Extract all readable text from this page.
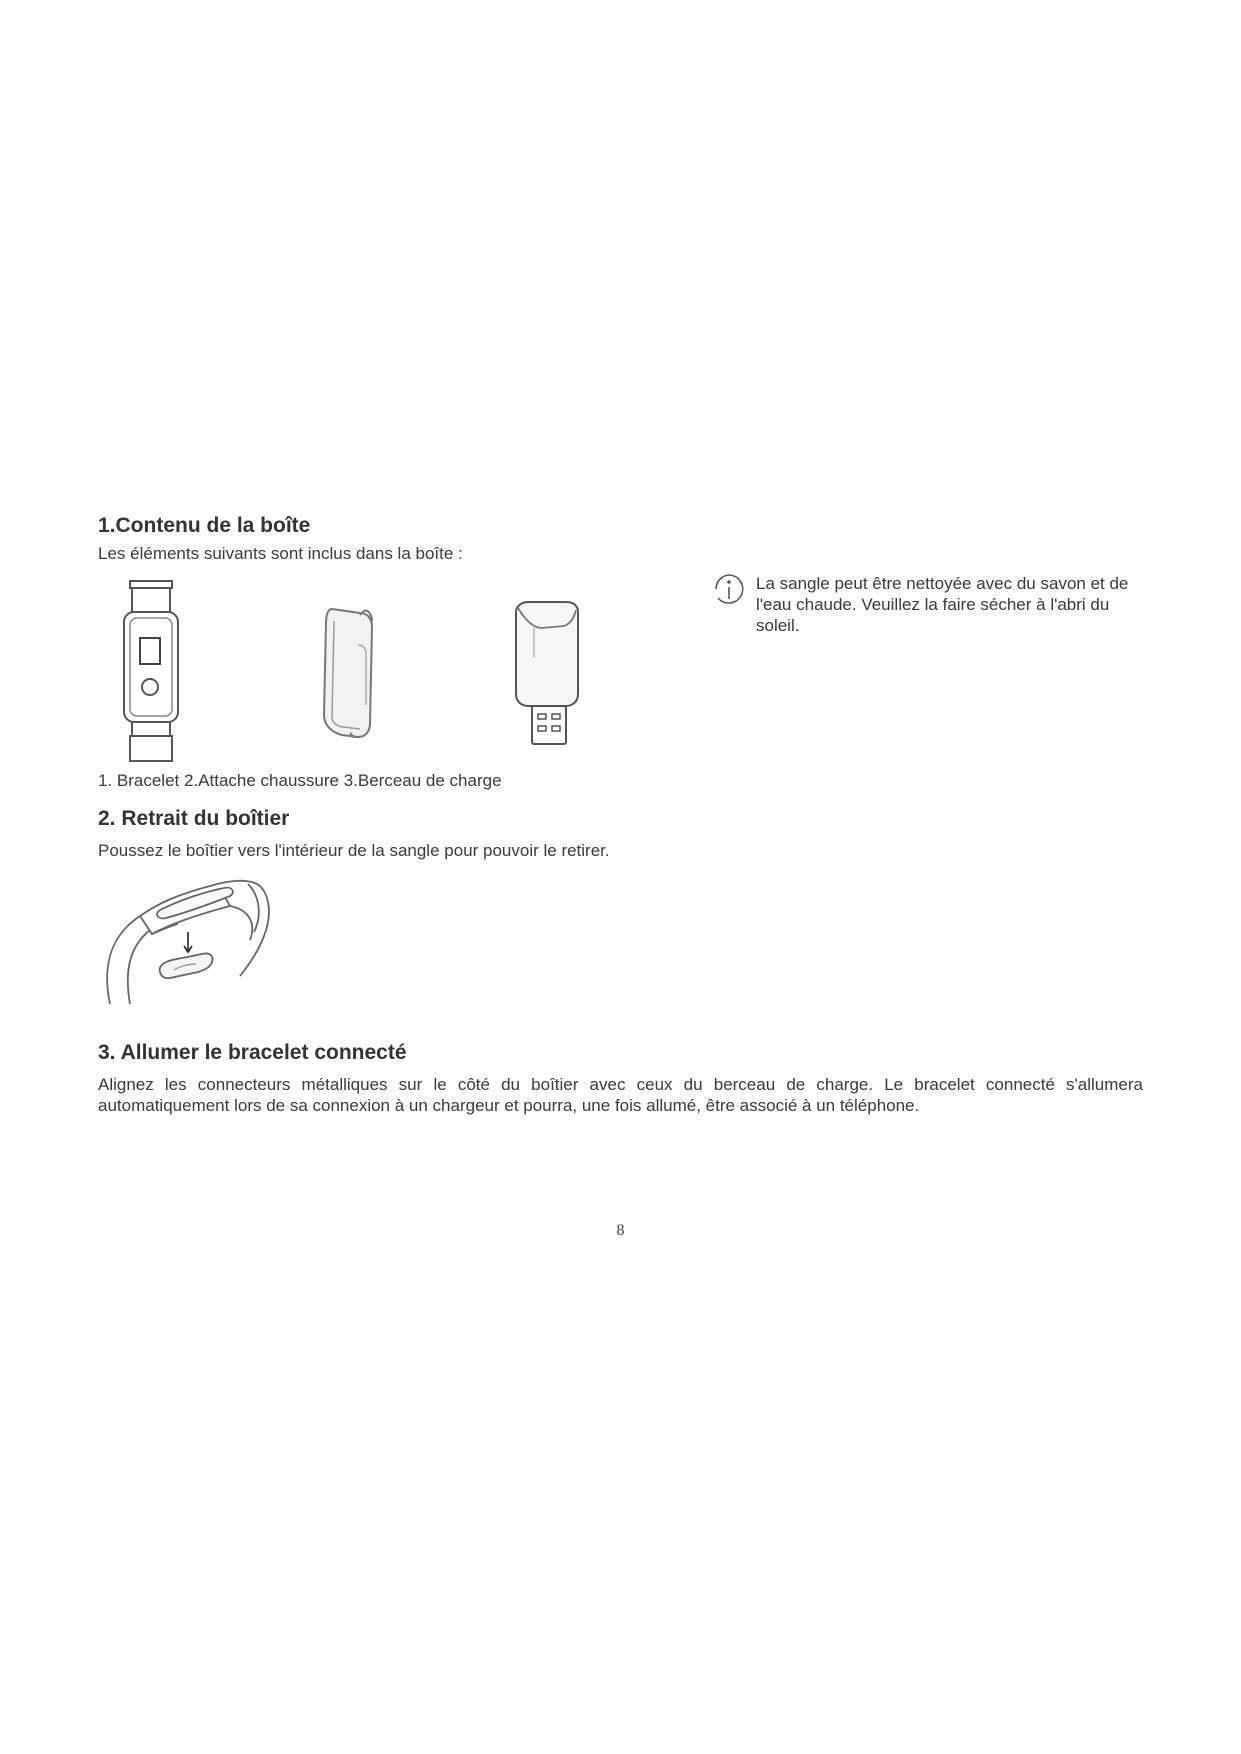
1.Contenu de la boîte
Les éléments suivants sont inclus dans la boîte :
1. Bracelet 2.Attache chaussure 3.Berceau de charge
La sangle peut être nettoyée avec du savon et de l'eau chaude. Veuillez la faire sécher à l'abri du soleil.
2. Retrait du boîtier
Poussez le boîtier vers l'intérieur de la sangle pour pouvoir le retirer.
3. Allumer le bracelet connecté
Alignez les connecteurs métalliques sur le côté du boîtier avec ceux du berceau de charge. Le bracelet connecté s'allumera automatiquement lors de sa connexion à un chargeur et pourra, une fois allumé, être associé à un téléphone.
8
